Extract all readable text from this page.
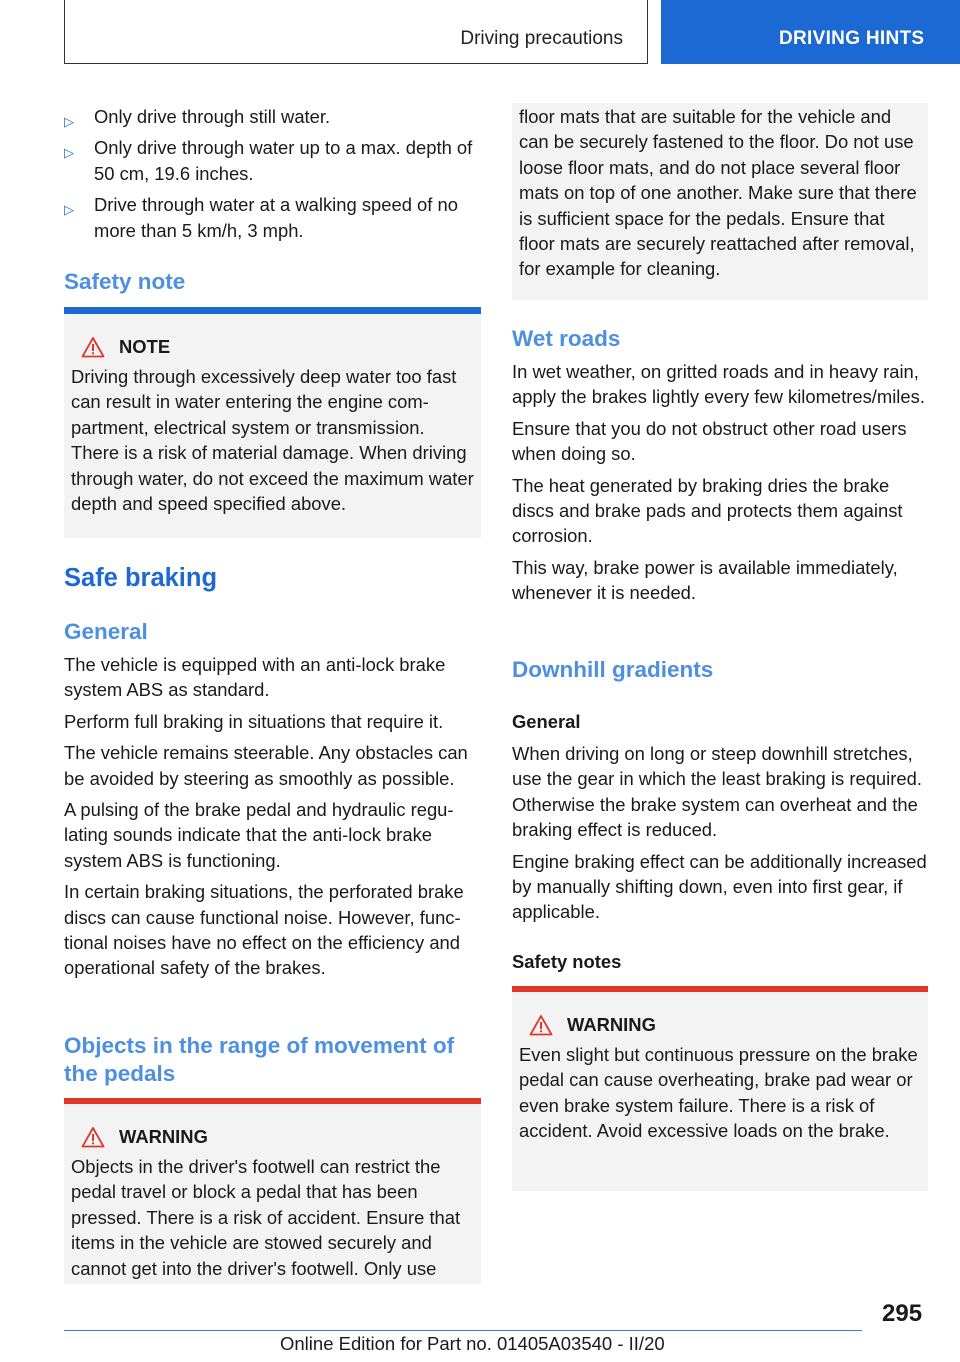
Driving precautions	DRIVING HINTS
▷ Only drive through still water.
▷ Only drive through water up to a max. depth of 50 cm, 19.6 inches.
▷ Drive through water at a walking speed of no more than 5 km/h, 3 mph.
Safety note
NOTE

Driving through excessively deep water too fast can result in water entering the engine compartment, electrical system or transmission. There is a risk of material damage. When driving through water, do not exceed the maximum water depth and speed specified above.

Safe braking
General

The vehicle is equipped with an anti-lock brake system ABS as standard.

Perform full braking in situations that require it.

The vehicle remains steerable. Any obstacles can be avoided by steering as smoothly as possible.

A pulsing of the brake pedal and hydraulic regulating sounds indicate that the anti-lock brake system ABS is functioning.

In certain braking situations, the perforated brake discs can cause functional noise. However, functional noises have no effect on the efficiency and operational safety of the brakes.

Objects in the range of movement of the pedals
WARNING

Objects in the driver's footwell can restrict the pedal travel or block a pedal that has been pressed. There is a risk of accident. Ensure that items in the vehicle are stowed securely and cannot get into the driver's footwell. Only use

floor mats that are suitable for the vehicle and can be securely fastened to the floor. Do not use loose floor mats, and do not place several floor mats on top of one another. Make sure that there is sufficient space for the pedals. Ensure that floor mats are securely reattached after removal, for example for cleaning.

Wet roads

In wet weather, on gritted roads and in heavy rain, apply the brakes lightly every few kilometres/miles.

Ensure that you do not obstruct other road users when doing so.

The heat generated by braking dries the brake discs and brake pads and protects them against corrosion.

This way, brake power is available immediately, whenever it is needed.

Downhill gradients
General

When driving on long or steep downhill stretches, use the gear in which the least braking is required. Otherwise the brake system can overheat and the braking effect is reduced.

Engine braking effect can be additionally increased by manually shifting down, even into first gear, if applicable.

Safety notes
WARNING

Even slight but continuous pressure on the brake pedal can cause overheating, brake pad wear or even brake system failure. There is a risk of accident. Avoid excessive loads on the brake.

295
Online Edition for Part no. 01405A03540 - II/20
